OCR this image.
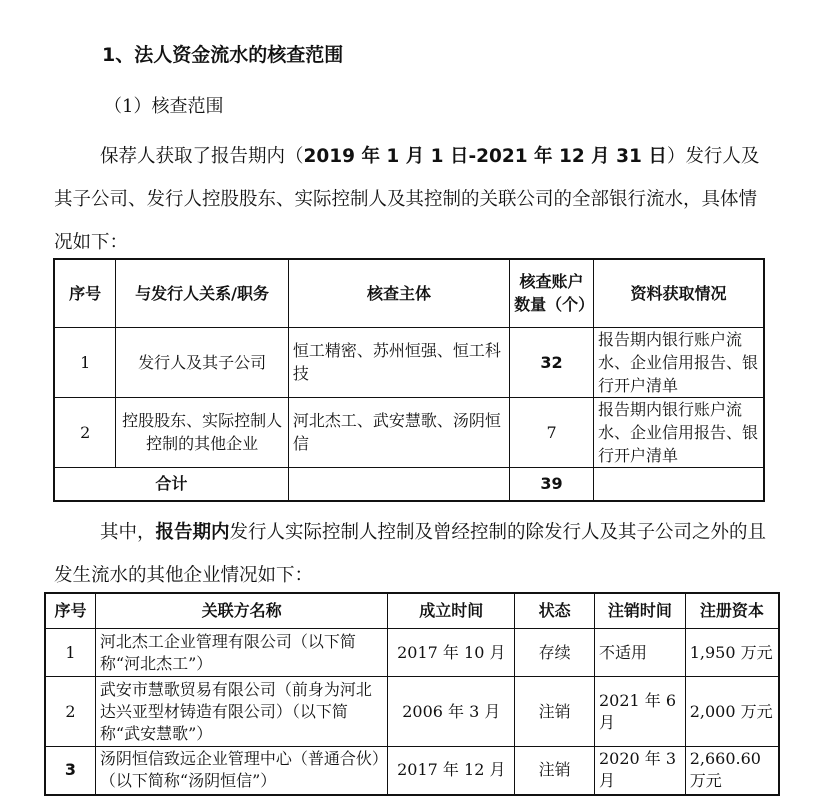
1、法人资金流水的核查范围
（1）核查范围
保荐人获取了报告期内（2019 年 1 月 1 日-2021 年 12 月 31 日）发行人及其子公司、发行人控股股东、实际控制人及其控制的关联公司的全部银行流水，具体情况如下：
序号	与发行人关系/职务	核查主体	核查账户数量（个）	资料获取情况
1	发行人及其子公司	恒工精密、苏州恒强、恒工科技	32	报告期内银行账户流水、企业信用报告、银行开户清单
2	控股股东、实际控制人控制的其他企业	河北杰工、武安慧歌、汤阴恒信	7	报告期内银行账户流水、企业信用报告、银行开户清单
合计			39	
其中，报告期内发行人实际控制人控制及曾经控制的除发行人及其子公司之外的且发生流水的其他企业情况如下：
序号	关联方名称	成立时间	状态	注销时间	注册资本
1	河北杰工企业管理有限公司（以下简称“河北杰工”）	2017 年 10 月	存续	不适用	1,950 万元
2	武安市慧歌贸易有限公司（前身为河北达兴亚型材铸造有限公司）（以下简称“武安慧歌”）	2006 年 3 月	注销	2021 年 6 月	2,000 万元
3	汤阴恒信致远企业管理中心（普通合伙）（以下简称“汤阴恒信”）	2017 年 12 月	注销	2020 年 3 月	2,660.60 万元
